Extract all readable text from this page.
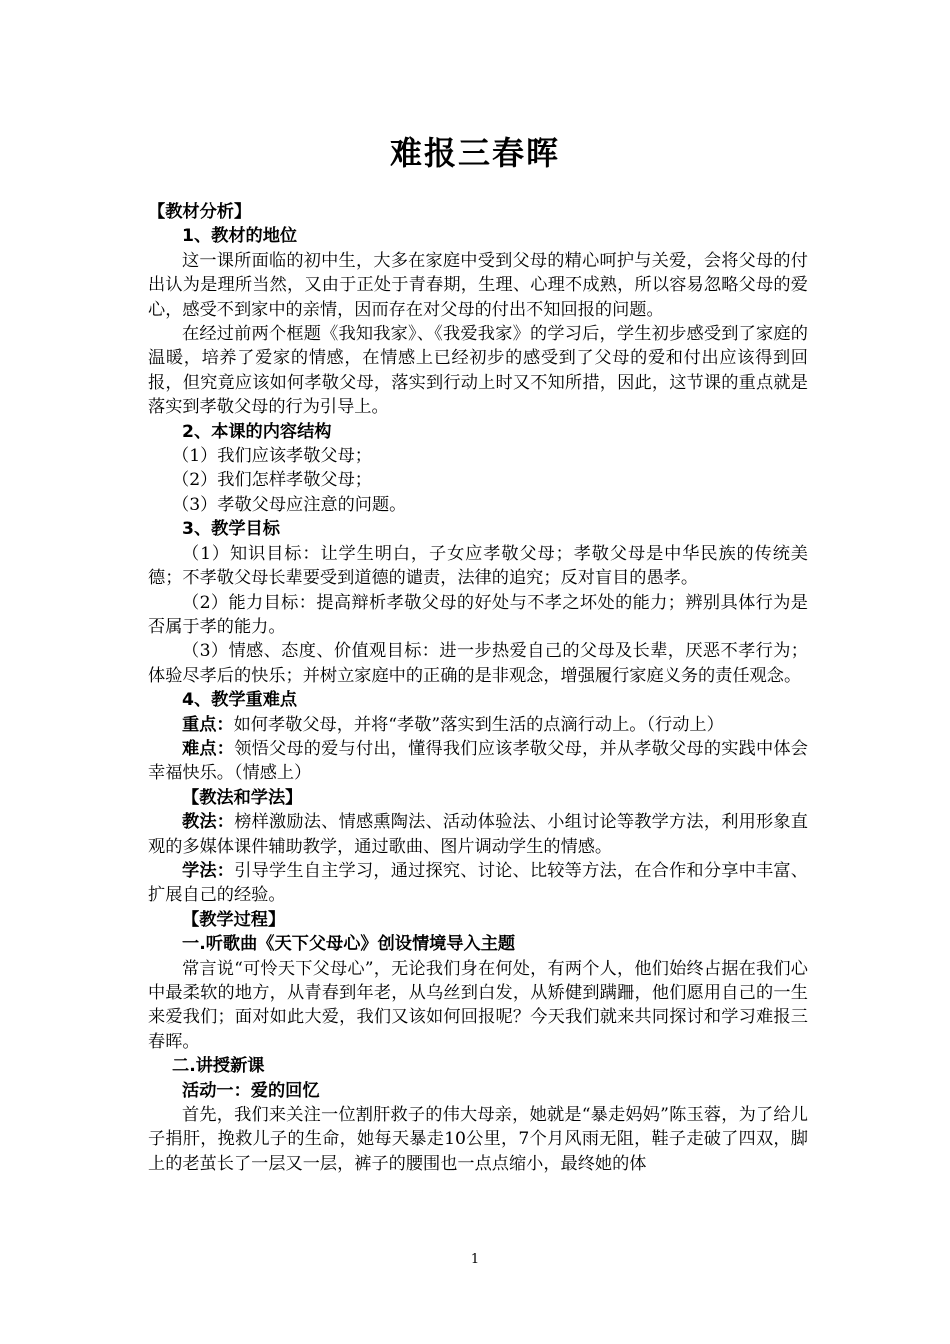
难报三春晖

【教材分析】

1、教材的地位

这一课所面临的初中生，大多在家庭中受到父母的精心呵护与关爱，会将父母的付出认为是理所当然，又由于正处于青春期，生理、心理不成熟，所以容易忽略父母的爱心，感受不到家中的亲情，因而存在对父母的付出不知回报的问题。

在经过前两个框题《我知我家》、《我爱我家》的学习后，学生初步感受到了家庭的温暖，培养了爱家的情感，在情感上已经初步的感受到了父母的爱和付出应该得到回报，但究竟应该如何孝敬父母，落实到行动上时又不知所措，因此，这节课的重点就是落实到孝敬父母的行为引导上。

2、本课的内容结构

（1）我们应该孝敬父母；

（2）我们怎样孝敬父母；

（3）孝敬父母应注意的问题。

3、教学目标

（1）知识目标：让学生明白，子女应孝敬父母；孝敬父母是中华民族的传统美德；不孝敬父母长辈要受到道德的谴责，法律的追究；反对盲目的愚孝。

（2）能力目标：提高辩析孝敬父母的好处与不孝之坏处的能力；辨别具体行为是否属于孝的能力。

（3）情感、态度、价值观目标：进一步热爱自己的父母及长辈，厌恶不孝行为；体验尽孝后的快乐；并树立家庭中的正确的是非观念，增强履行家庭义务的责任观念。

4、教学重难点

重点：如何孝敬父母，并将“孝敬”落实到生活的点滴行动上。（行动上）

难点：领悟父母的爱与付出，懂得我们应该孝敬父母，并从孝敬父母的实践中体会幸福快乐。（情感上）

【教法和学法】

教法：榜样激励法、情感熏陶法、活动体验法、小组讨论等教学方法，利用形象直观的多媒体课件辅助教学，通过歌曲、图片调动学生的情感。

学法：引导学生自主学习，通过探究、讨论、比较等方法，在合作和分享中丰富、扩展自己的经验。

【教学过程】

一.听歌曲《天下父母心》创设情境导入主题

常言说“可怜天下父母心”，无论我们身在何处，有两个人，他们始终占据在我们心中最柔软的地方，从青春到年老，从乌丝到白发，从矫健到蹒跚，他们愿用自己的一生来爱我们；面对如此大爱，我们又该如何回报呢？今天我们就来共同探讨和学习难报三春晖。

二.讲授新课

活动一：爱的回忆

首先，我们来关注一位割肝救子的伟大母亲，她就是“暴走妈妈”陈玉蓉，为了给儿子捐肝，挽救儿子的生命，她每天暴走10公里，7个月风雨无阻，鞋子走破了四双，脚上的老茧长了一层又一层，裤子的腰围也一点点缩小，最终她的体

1
